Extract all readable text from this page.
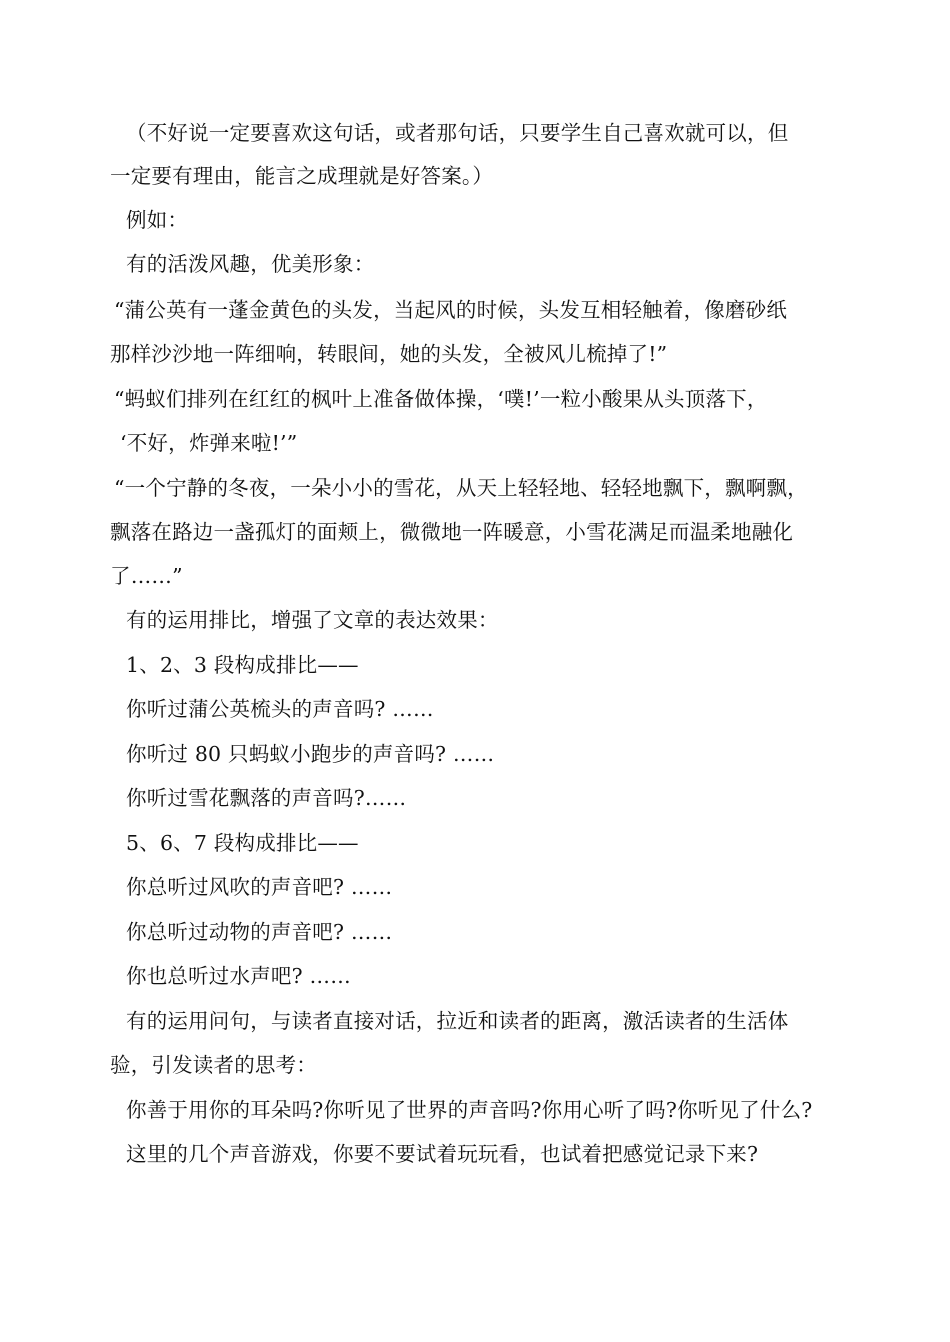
（不好说一定要喜欢这句话，或者那句话，只要学生自己喜欢就可以，但
一定要有理由，能言之成理就是好答案。）
例如：
有的活泼风趣，优美形象：
“蒲公英有一蓬金黄色的头发，当起风的时候，头发互相轻触着，像磨砂纸
那样沙沙地一阵细响，转眼间，她的头发，全被风儿梳掉了!”
“蚂蚁们排列在红红的枫叶上准备做体操，‘噗!’一粒小酸果从头顶落下，
‘不好，炸弹来啦!’”
“一个宁静的冬夜，一朵小小的雪花，从天上轻轻地、轻轻地飘下，飘啊飘，
飘落在路边一盏孤灯的面颊上，微微地一阵暖意，小雪花满足而温柔地融化
了……”
有的运用排比，增强了文章的表达效果：
1、2、3 段构成排比——
你听过蒲公英梳头的声音吗? ……
你听过 80 只蚂蚁小跑步的声音吗? ……
你听过雪花飘落的声音吗?……
5、6、7 段构成排比——
你总听过风吹的声音吧? ……
你总听过动物的声音吧? ……
你也总听过水声吧? ……
有的运用问句，与读者直接对话，拉近和读者的距离，激活读者的生活体
验，引发读者的思考：
你善于用你的耳朵吗?你听见了世界的声音吗?你用心听了吗?你听见了什么?
这里的几个声音游戏，你要不要试着玩玩看，也试着把感觉记录下来?
